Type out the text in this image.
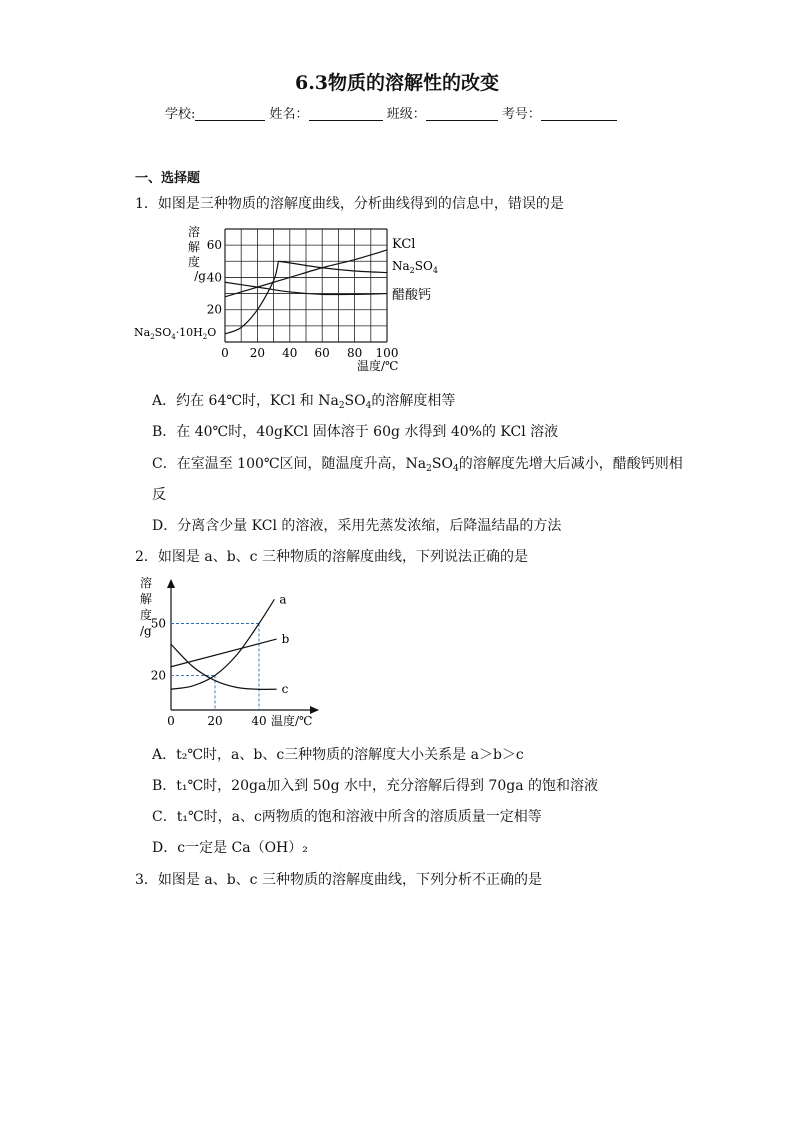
6.3物质的溶解性的改变
学校:	姓名：	班级：	考号：
一、选择题
1．如图是三种物质的溶解度曲线，分析曲线得到的信息中，错误的是
溶
解
度
/g
温度/℃
0 20 40 60 80 100
20
40
60	KCl
$Na_2SO_4$
醋酸钙
$Na_2SO_4\cdot 10H_2O$
A．约在 64℃时，KCl 和 $Na_2SO_4$的溶解度相等
B．在 40℃时，40gKCl 固体溶于 60g 水得到 40%的 KCl 溶液
C．在室温至 100℃区间，随温度升高，$Na_2SO_4$的溶解度先增大后减小，醋酸钙则相
反
D．分离含少量 KCl 的溶液，采用先蒸发浓缩，后降温结晶的方法
2．如图是 a、b、c 三种物质的溶解度曲线，下列说法正确的是
a
b
c
溶
解
度
/g
温度/℃
0	20 40
20
50
A．t₂℃时，a、b、c三种物质的溶解度大小关系是 a＞b＞c
B．t₁℃时，20ga加入到 50g 水中，充分溶解后得到 70ga 的饱和溶液
C．t₁℃时，a、c两物质的饱和溶液中所含的溶质质量一定相等
D．c一定是 Ca（OH）₂
3．如图是 a、b、c 三种物质的溶解度曲线，下列分析不正确的是
